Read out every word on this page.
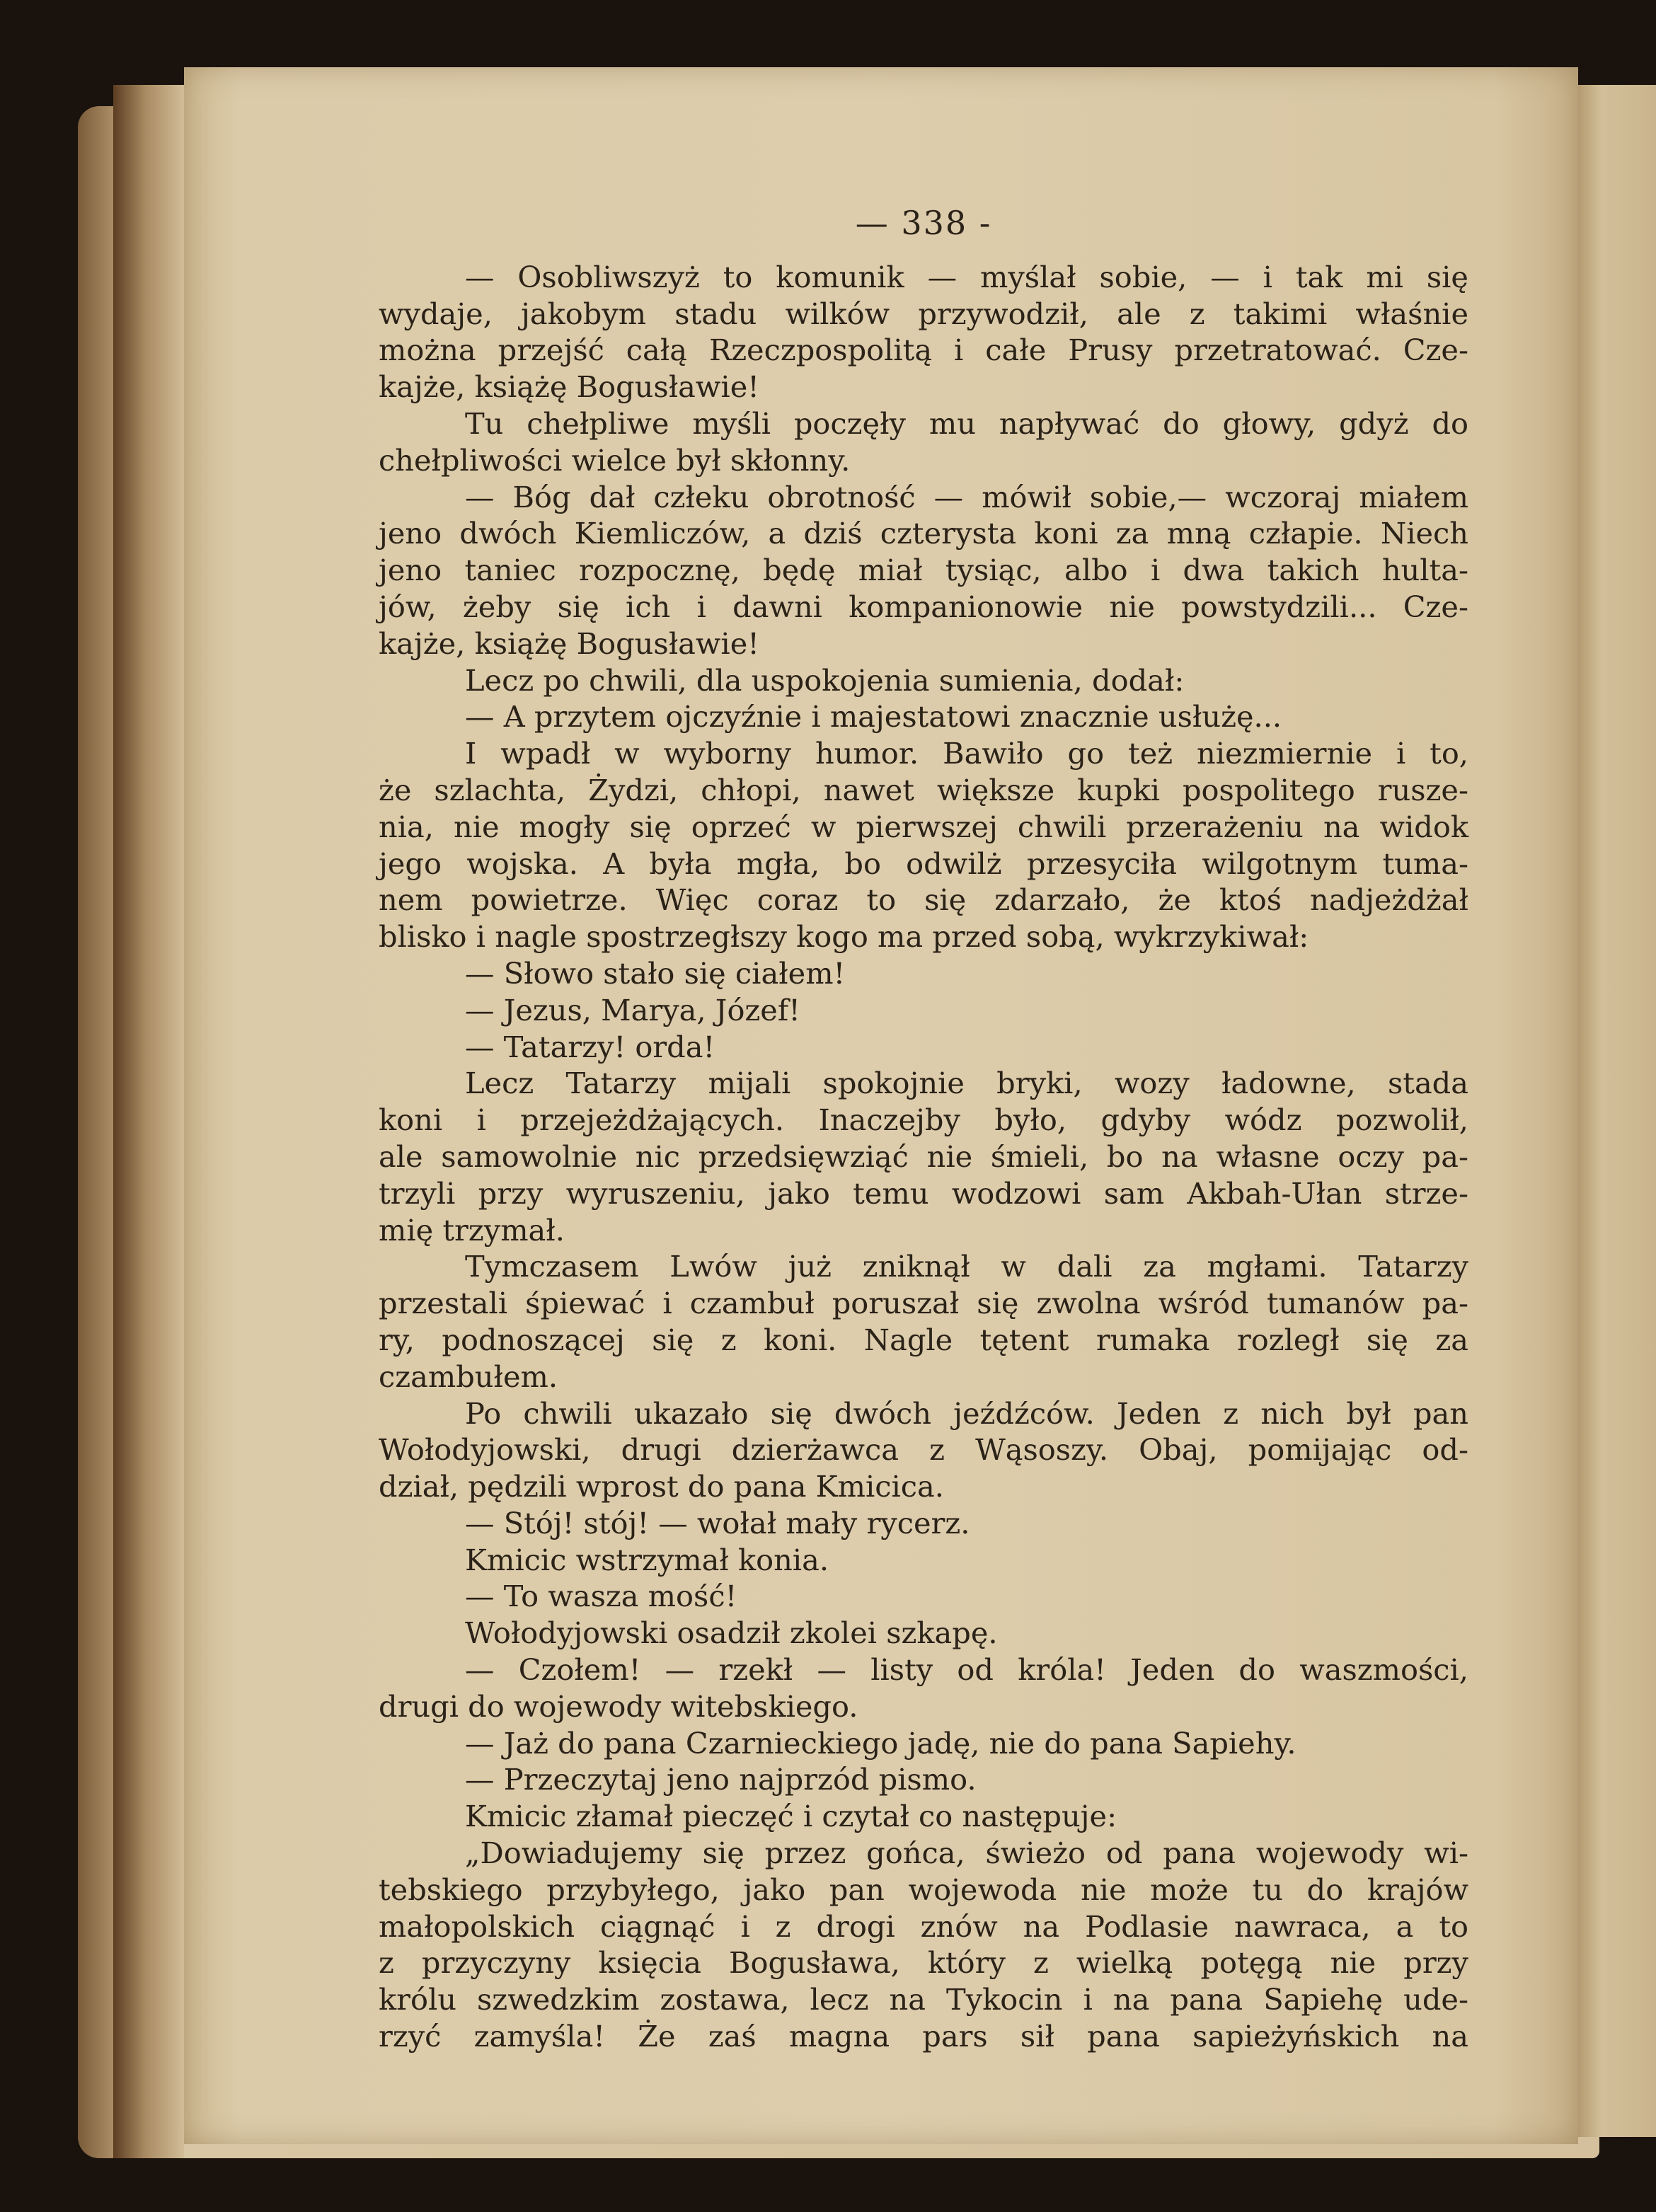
— 338 -
— Osobliwszyż to komunik — myślał sobie, — i tak mi się
wydaje, jakobym stadu wilków przywodził, ale z takimi właśnie
można przejść całą Rzeczpospolitą i całe Prusy przetratować. Cze-
kajże, książę Bogusławie!
Tu chełpliwe myśli poczęły mu napływać do głowy, gdyż do
chełpliwości wielce był skłonny.
— Bóg dał człeku obrotność — mówił sobie,— wczoraj miałem
jeno dwóch Kiemliczów, a dziś czterysta koni za mną człapie. Niech
jeno taniec rozpocznę, będę miał tysiąc, albo i dwa takich hulta-
jów, żeby się ich i dawni kompanionowie nie powstydzili... Cze-
kajże, książę Bogusławie!
Lecz po chwili, dla uspokojenia sumienia, dodał:
— A przytem ojczyźnie i majestatowi znacznie usłużę...
I wpadł w wyborny humor. Bawiło go też niezmiernie i to,
że szlachta, Żydzi, chłopi, nawet większe kupki pospolitego rusze-
nia, nie mogły się oprzeć w pierwszej chwili przerażeniu na widok
jego wojska. A była mgła, bo odwilż przesyciła wilgotnym tuma-
nem powietrze. Więc coraz to się zdarzało, że ktoś nadjeżdżał
blisko i nagle spostrzegłszy kogo ma przed sobą, wykrzykiwał:
— Słowo stało się ciałem!
— Jezus, Marya, Józef!
— Tatarzy! orda!
Lecz Tatarzy mijali spokojnie bryki, wozy ładowne, stada
koni i przejeżdżających. Inaczejby było, gdyby wódz pozwolił,
ale samowolnie nic przedsięwziąć nie śmieli, bo na własne oczy pa-
trzyli przy wyruszeniu, jako temu wodzowi sam Akbah-Ułan strze-
mię trzymał.
Tymczasem Lwów już zniknął w dali za mgłami. Tatarzy
przestali śpiewać i czambuł poruszał się zwolna wśród tumanów pa-
ry, podnoszącej się z koni. Nagle tętent rumaka rozległ się za
czambułem.
Po chwili ukazało się dwóch jeźdźców. Jeden z nich był pan
Wołodyjowski, drugi dzierżawca z Wąsoszy. Obaj, pomijając od-
dział, pędzili wprost do pana Kmicica.
— Stój! stój! — wołał mały rycerz.
Kmicic wstrzymał konia.
— To wasza mość!
Wołodyjowski osadził zkolei szkapę.
— Czołem! — rzekł — listy od króla! Jeden do waszmości,
drugi do wojewody witebskiego.
— Jaż do pana Czarnieckiego jadę, nie do pana Sapiehy.
— Przeczytaj jeno najprzód pismo.
Kmicic złamał pieczęć i czytał co następuje:
„Dowiadujemy się przez gońca, świeżo od pana wojewody wi-
tebskiego przybyłego, jako pan wojewoda nie może tu do krajów
małopolskich ciągnąć i z drogi znów na Podlasie nawraca, a to
z przyczyny księcia Bogusława, który z wielką potęgą nie przy
królu szwedzkim zostawa, lecz na Tykocin i na pana Sapiehę ude-
rzyć zamyśla! Że zaś magna pars sił pana sapieżyńskich na
